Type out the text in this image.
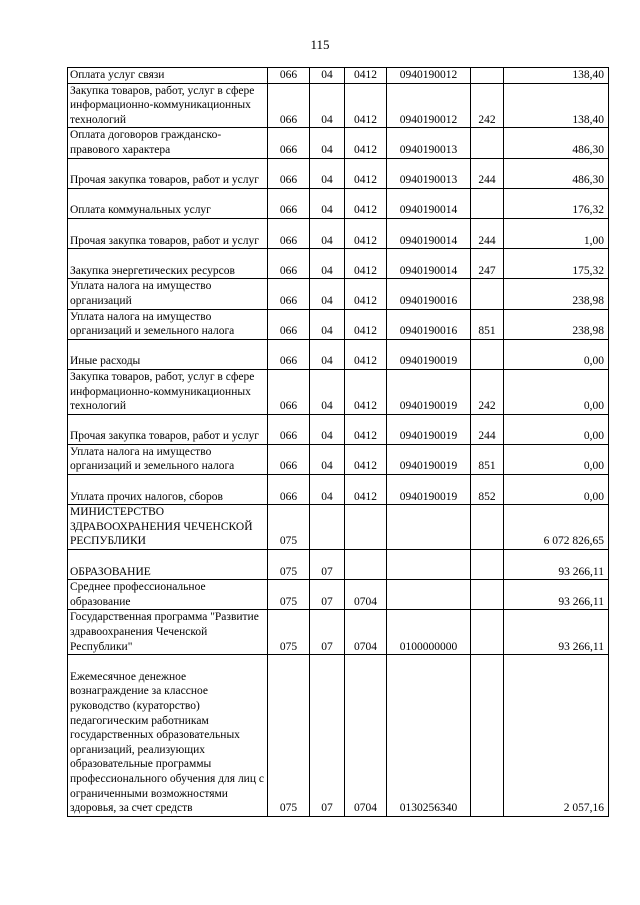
115
Оплата услуг связи	066	04	0412	0940190012		138,40
Закупка товаров, работ, услуг в сфере информационно-коммуникационных технологий	066	04	0412	0940190012	242	138,40
Оплата договоров гражданско-правового характера	066	04	0412	0940190013		486,30
Прочая закупка товаров, работ и услуг	066	04	0412	0940190013	244	486,30
Оплата коммунальных услуг	066	04	0412	0940190014		176,32
Прочая закупка товаров, работ и услуг	066	04	0412	0940190014	244	1,00
Закупка энергетических ресурсов	066	04	0412	0940190014	247	175,32
Уплата налога на имущество организаций	066	04	0412	0940190016		238,98
Уплата налога на имущество организаций и земельного налога	066	04	0412	0940190016	851	238,98
Иные расходы	066	04	0412	0940190019		0,00
Закупка товаров, работ, услуг в сфере информационно-коммуникационных технологий	066	04	0412	0940190019	242	0,00
Прочая закупка товаров, работ и услуг	066	04	0412	0940190019	244	0,00
Уплата налога на имущество организаций и земельного налога	066	04	0412	0940190019	851	0,00
Уплата прочих налогов, сборов	066	04	0412	0940190019	852	0,00
МИНИСТЕРСТВО ЗДРАВООХРАНЕНИЯ ЧЕЧЕНСКОЙ РЕСПУБЛИКИ	075					6 072 826,65
ОБРАЗОВАНИЕ	075	07				93 266,11
Среднее профессиональное образование	075	07	0704			93 266,11
Государственная программа "Развитие здравоохранения Чеченской Республики"	075	07	0704	0100000000		93 266,11
Ежемесячное денежное вознаграждение за классное руководство (кураторство) педагогическим работникам государственных образовательных организаций, реализующих образовательные программы профессионального обучения для лиц с ограниченными возможностями здоровья, за счет средств	075	07	0704	0130256340		2 057,16
